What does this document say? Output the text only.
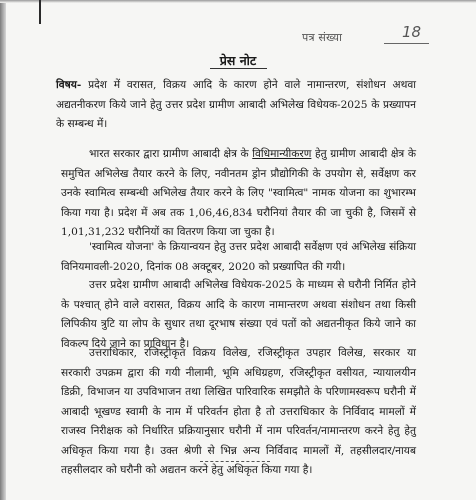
पत्र संख्या	18
प्रेस नोट
विषय- प्रदेश में वरासत, विक्रय आदि के कारण होने वाले नामान्तरण, संशोधन अथवा अद्यतनीकरण किये जाने हेतु उत्तर प्रदेश ग्रामीण आबादी अभिलेख विधेयक-2025 के प्रख्यापन के सम्बन्ध में।
भारत सरकार द्वारा ग्रामीण आबादी क्षेत्र के विधिमान्यीकरण हेतु ग्रामीण आबादी क्षेत्र के समुचित अभिलेख तैयार करने के लिए, नवीनतम ड्रोन प्रौद्योगिकी के उपयोग से, सर्वेक्षण कर उनके स्वामित्व सम्बन्धी अभिलेख तैयार करने के लिए "स्वामित्व" नामक योजना का शुभारम्भ किया गया है। प्रदेश में अब तक 1,06,46,834 घरौनियां तैयार की जा चुकी है, जिसमें से 1,01,31,232 घरौनियों का वितरण किया जा चुका है।
'स्वामित्व योजना' के क्रियान्वयन हेतु उत्तर प्रदेश आबादी सर्वेक्षण एवं अभिलेख संक्रिया विनियमावली-2020, दिनांक 08 अक्टूबर, 2020 को प्रख्यापित की गयी।
उत्तर प्रदेश ग्रामीण आबादी अभिलेख विधेयक-2025 के माध्यम से घरौनी निर्मित होने के पश्चात् होने वाले वरासत, विक्रय आदि के कारण नामान्तरण अथवा संशोधन तथा किसी लिपिकीय त्रुटि या लोप के सुधार तथा दूरभाष संख्या एवं पतों को अद्यतनीकृत किये जाने का विकल्प दिये जाने का प्राविधान है।
उत्तराधिकार, रजिस्ट्रीकृत विक्रय विलेख, रजिस्ट्रीकृत उपहार विलेख, सरकार या सरकारी उपक्रम द्वारा की गयी नीलामी, भूमि अधिग्रहण, रजिस्ट्रीकृत वसीयत, न्यायालयीन डिक्री, विभाजन या उपविभाजन तथा लिखित पारिवारिक समझौते के परिणामस्वरूप घरौनी में आबादी भूखण्ड स्वामी के नाम में परिवर्तन होता है तो उत्तराधिकार के निर्विवाद मामलों में राजस्व निरीक्षक को निर्धारित प्रक्रियानुसार घरौनी में नाम परिवर्तन/नामान्तरण करने हेतु हेतु अधिकृत किया गया है। उक्त श्रेणी से भिन्न अन्य निर्विवाद मामलों में, तहसीलदार/नायब तहसीलदार को घरौनी को अद्यतन करने हेतु अधिकृत किया गया है।
